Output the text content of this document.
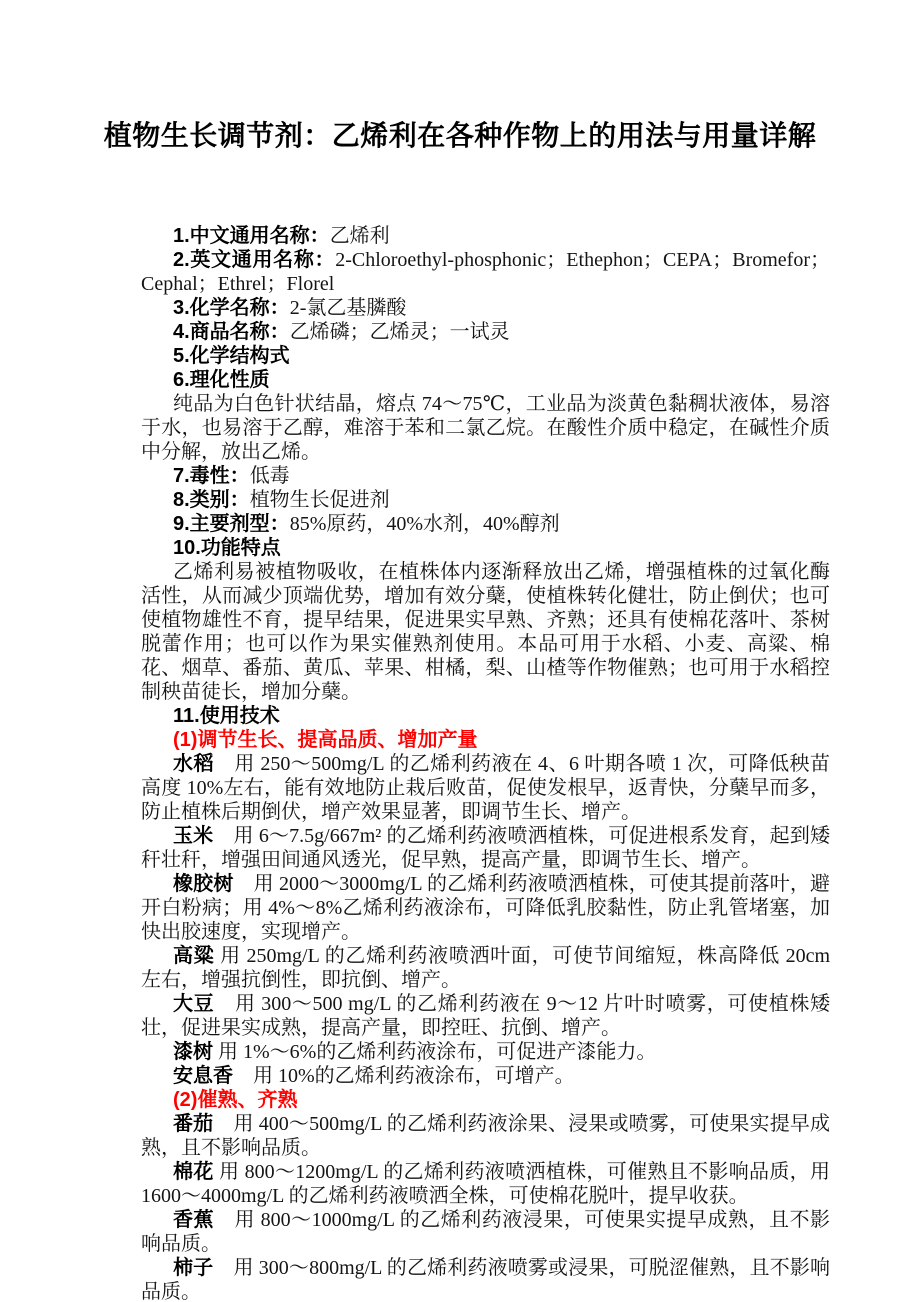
植物生长调节剂：乙烯利在各种作物上的用法与用量详解

1.中文通用名称：乙烯利

2.英文通用名称：2-Chloroethyl-phosphonic；Ethephon；CEPA；Bromefor；Cephal；Ethrel；Florel

3.化学名称：2-氯乙基膦酸

4.商品名称：乙烯磷；乙烯灵；一试灵

5.化学结构式

6.理化性质

纯品为白色针状结晶，熔点 74～75℃，工业品为淡黄色黏稠状液体，易溶于水，也易溶于乙醇，难溶于苯和二氯乙烷。在酸性介质中稳定，在碱性介质中分解，放出乙烯。

7.毒性：低毒

8.类别：植物生长促进剂

9.主要剂型：85%原药，40%水剂，40%醇剂

10.功能特点

乙烯利易被植物吸收，在植株体内逐渐释放出乙烯，增强植株的过氧化酶活性，从而减少顶端优势，增加有效分蘖，使植株转化健壮，防止倒伏；也可使植物雄性不育，提早结果，促进果实早熟、齐熟；还具有使棉花落叶、茶树脱蕾作用；也可以作为果实催熟剂使用。本品可用于水稻、小麦、高粱、棉花、烟草、番茄、黄瓜、苹果、柑橘，梨、山楂等作物催熟；也可用于水稻控制秧苗徒长，增加分蘖。

11.使用技术

(1)调节生长、提高品质、增加产量

水稻　用 250～500mg/L 的乙烯利药液在 4、6 叶期各喷 1 次，可降低秧苗高度 10%左右，能有效地防止栽后败苗，促使发根早，返青快，分蘖早而多，防止植株后期倒伏，增产效果显著，即调节生长、增产。

玉米　用 6～7.5g/667m² 的乙烯利药液喷洒植株，可促进根系发育，起到矮秆壮秆，增强田间通风透光，促早熟，提高产量，即调节生长、增产。

橡胶树　用 2000～3000mg/L 的乙烯利药液喷洒植株，可使其提前落叶，避开白粉病；用 4%～8%乙烯利药液涂布，可降低乳胶黏性，防止乳管堵塞，加快出胶速度，实现增产。

高粱 用 250mg/L 的乙烯利药液喷洒叶面，可使节间缩短，株高降低 20cm 左右，增强抗倒性，即抗倒、增产。

大豆　用 300～500 mg/L 的乙烯利药液在 9～12 片叶时喷雾，可使植株矮壮，促进果实成熟，提高产量，即控旺、抗倒、增产。

漆树 用 1%～6%的乙烯利药液涂布，可促进产漆能力。

安息香　用 10%的乙烯利药液涂布，可增产。

(2)催熟、齐熟

番茄　用 400～500mg/L 的乙烯利药液涂果、浸果或喷雾，可使果实提早成熟，且不影响品质。

棉花 用 800～1200mg/L 的乙烯利药液喷洒植株，可催熟且不影响品质，用 1600～4000mg/L 的乙烯利药液喷洒全株，可使棉花脱叶，提早收获。

香蕉　用 800～1000mg/L 的乙烯利药液浸果，可使果实提早成熟，且不影响品质。

柿子　用 300～800mg/L 的乙烯利药液喷雾或浸果，可脱涩催熟，且不影响品质。
